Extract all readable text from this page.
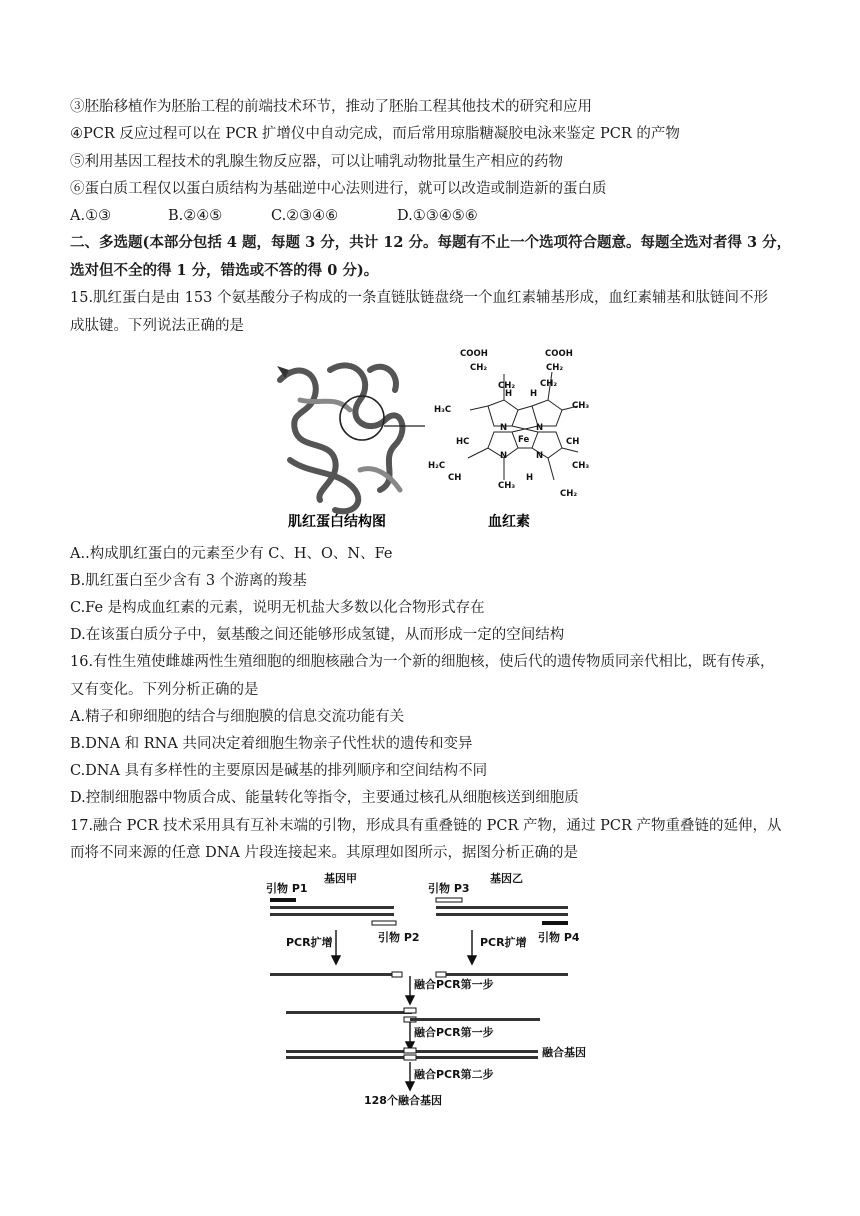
③胚胎移植作为胚胎工程的前端技术环节，推动了胚胎工程其他技术的研究和应用
④PCR 反应过程可以在 PCR 扩增仪中自动完成，而后常用琼脂糖凝胶电泳来鉴定 PCR 的产物
⑤利用基因工程技术的乳腺生物反应器，可以让哺乳动物批量生产相应的药物
⑥蛋白质工程仅以蛋白质结构为基础逆中心法则进行，就可以改造或制造新的蛋白质
A.①③	B.②④⑤	C.②③④⑥	D.①③④⑤⑥
二、多选题(本部分包括 4 题，每题 3 分，共计 12 分。每题有不止一个选项符合题意。每题全选对者得 3 分，
选对但不全的得 1 分，错选或不答的得 0 分)。
15.肌红蛋白是由 153 个氨基酸分子构成的一条直链肽链盘绕一个血红素辅基形成，血红素辅基和肽链间不形
成肽键。下列说法正确的是
COOH	COOH
CH₂	CH₂
CH₂	CH₂
H H
H₃C	CH₃
N	N
Fe
HC	CH
N	N
H₂C	CH₃
CH
CH₃
H
CH₂
肌红蛋白结构图	血红素
A..构成肌红蛋白的元素至少有 C、H、O、N、Fe
B.肌红蛋白至少含有 3 个游离的羧基
C.Fe 是构成血红素的元素，说明无机盐大多数以化合物形式存在
D.在该蛋白质分子中，氨基酸之间还能够形成氢键，从而形成一定的空间结构
16.有性生殖使雌雄两性生殖细胞的细胞核融合为一个新的细胞核，使后代的遗传物质同亲代相比，既有传承，
又有变化。下列分析正确的是
A.精子和卵细胞的结合与细胞膜的信息交流功能有关
B.DNA 和 RNA 共同决定着细胞生物亲子代性状的遗传和变异
C.DNA 具有多样性的主要原因是碱基的排列顺序和空间结构不同
D.控制细胞器中物质合成、能量转化等指令，主要通过核孔从细胞核送到细胞质
17.融合 PCR 技术采用具有互补末端的引物，形成具有重叠链的 PCR 产物，通过 PCR 产物重叠链的延伸，从
而将不同来源的任意 DNA 片段连接起来。其原理如图所示，据图分析正确的是
基因甲	基因乙
引物 P1	引物 P3
引物 P2	引物 P4
PCR扩增	PCR扩增
融合PCR第一步
融合PCR第一步
融合基因
融合PCR第二步
128个融合基因
